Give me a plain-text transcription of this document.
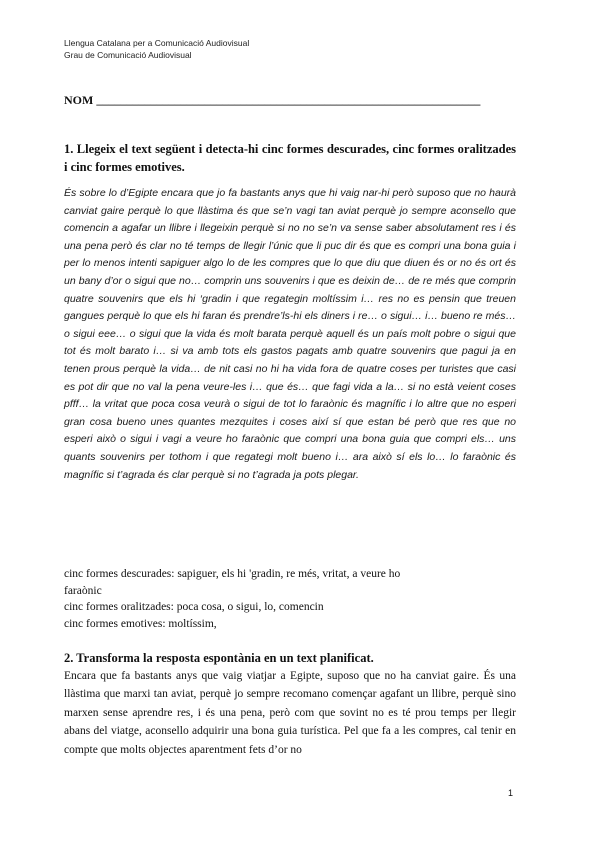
Llengua Catalana per a Comunicació Audiovisual
Grau de Comunicació Audiovisual
NOM ________________________________________________________________
1. Llegeix el text següent i detecta-hi cinc formes descurades, cinc formes oralitzades i cinc formes emotives.
És sobre lo d’Egipte encara que jo fa bastants anys que hi vaig nar-hi però suposo que no haurà canviat gaire perquè lo que llàstima és que se’n vagi tan aviat perquè jo sempre aconsello que comencin a agafar un llibre i llegeixin perquè si no no se’n va sense saber absolutament res i és una pena però és clar no té temps de llegir l’únic que li puc dir és que es compri una bona guia i per lo menos intenti sapiguer algo lo de les compres que lo que diu que diuen és or no és ort és un bany d’or o sigui que no… comprin uns souvenirs i que es deixin de… de re més que comprin quatre souvenirs que els hi ‘gradin i que regategin moltíssim i… res no es pensin que treuen gangues perquè lo que els hi faran és prendre’ls-hi els diners i re… o sigui… i… bueno re més… o sigui eee… o sigui que la vida és molt barata perquè aquell és un país molt pobre o sigui que tot és molt barato i… si va amb tots els gastos pagats amb quatre souvenirs que pagui ja en tenen prous perquè la vida… de nit casi no hi ha vida fora de quatre coses per turistes que casi es pot dir que no val la pena veure-les i… que és… que fagi vida a la… si no està veient coses pfff… la vritat que poca cosa veurà o sigui de tot lo faraònic és magnífic i lo altre que no esperi gran cosa bueno unes quantes mezquites i coses així sí que estan bé però que res que no esperi això o sigui i vagi a veure ho faraònic que compri una bona guia que compri els… uns quants souvenirs per tothom i que regategi molt bueno i… ara això sí els lo… lo faraònic és magnífic si t’agrada és clar perquè si no t’agrada ja pots plegar.
cinc formes descurades: sapiguer, els hi 'gradin, re més, vritat, a veure ho
faraònic
cinc formes oralitzades: poca cosa, o sigui, lo, comencin
cinc formes emotives: moltíssim,
2. Transforma la resposta espontània en un text planificat.
Encara que fa bastants anys que vaig viatjar a Egipte, suposo que no ha canviat gaire. És una llàstima que marxi tan aviat, perquè jo sempre recomano començar agafant un llibre, perquè sino marxen sense aprendre res, i és una pena, però com que sovint no es té prou temps per llegir abans del viatge, aconsello adquirir una bona guia turística. Pel que fa a les compres, cal tenir en compte que molts objectes aparentment fets d’or no
1
